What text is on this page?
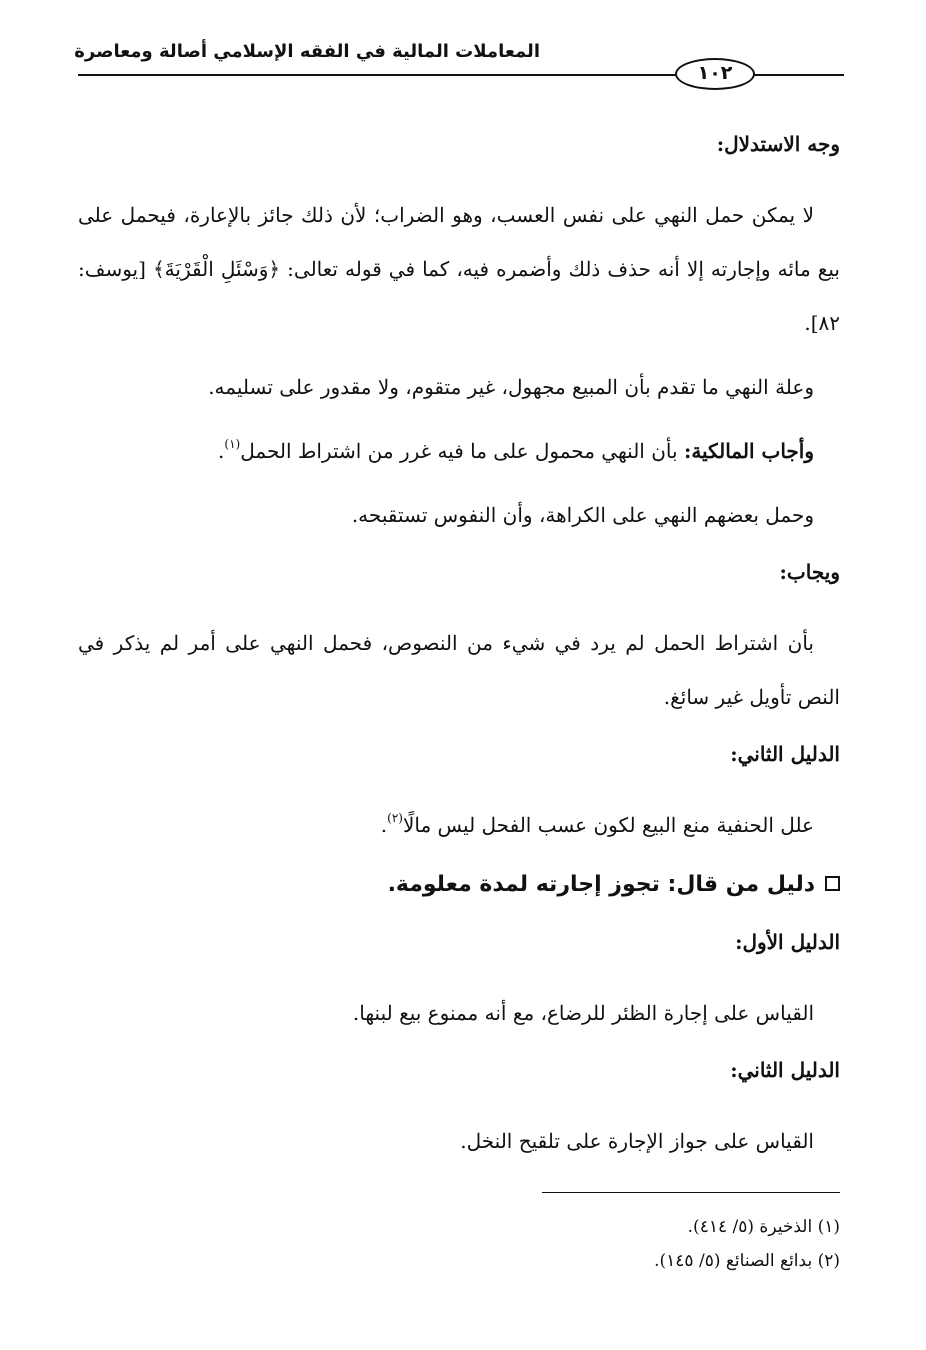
المعاملات المالية في الفقه الإسلامي أصالة ومعاصرة
١٠٢

وجه الاستدلال:

لا يمكن حمل النهي على نفس العسب، وهو الضراب؛ لأن ذلك جائز بالإعارة، فيحمل على بيع مائه وإجارته إلا أنه حذف ذلك وأضمره فيه، كما في قوله تعالى: ﴿وَسْئَلِ الْقَرْيَةَ﴾ [يوسف: ٨٢].

وعلة النهي ما تقدم بأن المبيع مجهول، غير متقوم، ولا مقدور على تسليمه.

وأجاب المالكية: بأن النهي محمول على ما فيه غرر من اشتراط الحمل$^{(١)}$.

وحمل بعضهم النهي على الكراهة، وأن النفوس تستقبحه.

ويجاب:

بأن اشتراط الحمل لم يرد في شيء من النصوص، فحمل النهي على أمر لم يذكر في النص تأويل غير سائغ.

الدليل الثاني:

علل الحنفية منع البيع لكون عسب الفحل ليس مالًا$^{(٢)}$.

دليل من قال: تجوز إجارته لمدة معلومة.

الدليل الأول:

القياس على إجارة الظئر للرضاع، مع أنه ممنوع بيع لبنها.

الدليل الثاني:

القياس على جواز الإجارة على تلقيح النخل.

(١) الذخيرة (٥/ ٤١٤).

(٢) بدائع الصنائع (٥/ ١٤٥).
